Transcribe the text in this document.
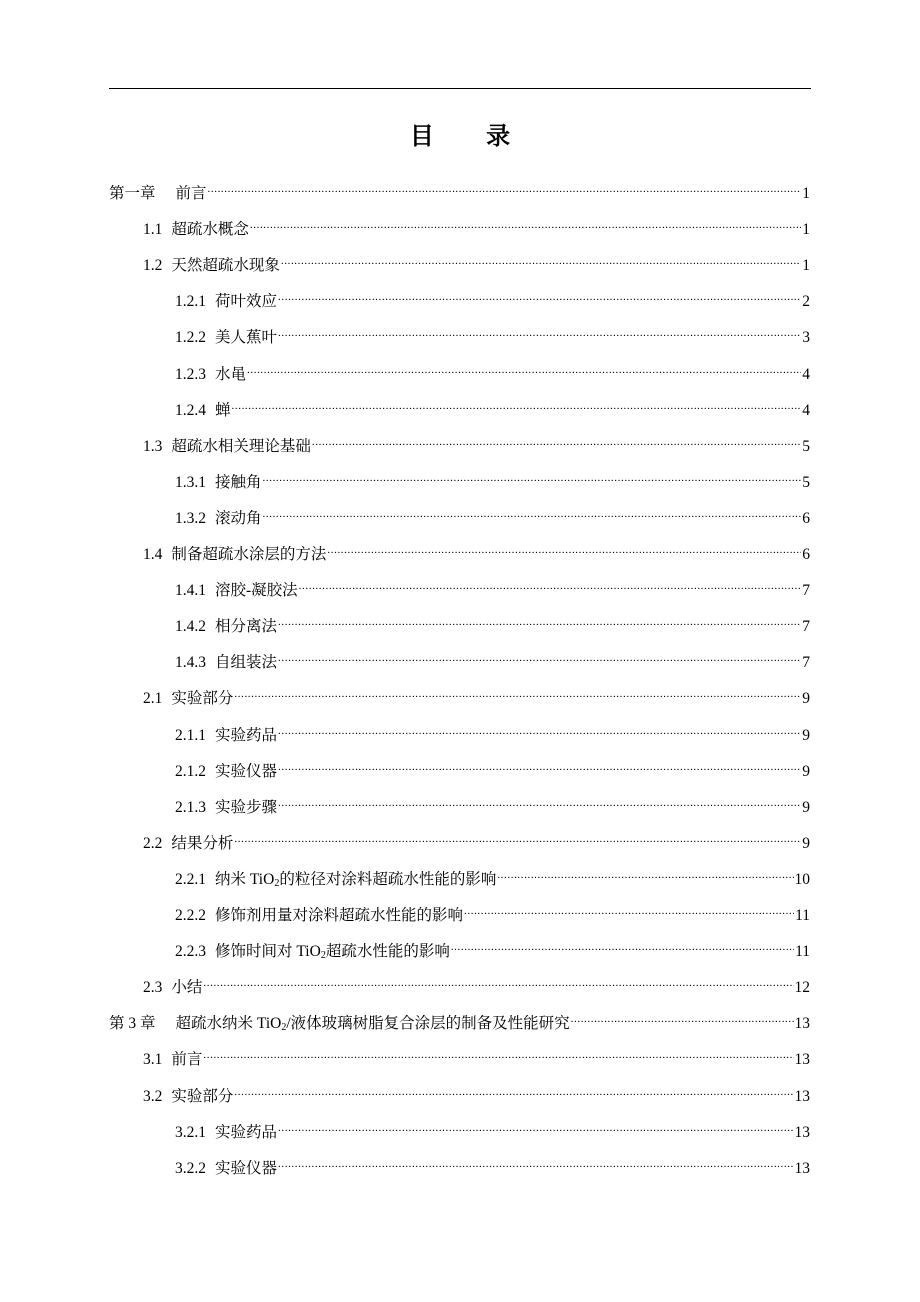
目 录
第一章 前言 .....	1
1.1 超疏水概念 .....	1
1.2 天然超疏水现象 .....	1
1.2.1 荷叶效应 .....	2
1.2.2 美人蕉叶 .....	3
1.2.3 水黾 .....	4
1.2.4 蝉 .....	4
1.3 超疏水相关理论基础 .....	5
1.3.1 接触角 .....	5
1.3.2 滚动角 .....	6
1.4 制备超疏水涂层的方法 .....	6
1.4.1 溶胶-凝胶法 .....	7
1.4.2 相分离法 .....	7
1.4.3 自组装法 .....	7
2.1 实验部分 .....	9
2.1.1 实验药品 .....	9
2.1.2 实验仪器 .....	9
2.1.3 实验步骤 .....	9
2.2 结果分析 .....	9
2.2.1 纳米 TiO$_2$的粒径对涂料超疏水性能的影响 .....	10
2.2.2 修饰剂用量对涂料超疏水性能的影响 .....	11
2.2.3 修饰时间对 TiO$_2$超疏水性能的影响 .....	11
2.3 小结 .....	12
第 3 章 超疏水纳米 TiO$_2$/液体玻璃树脂复合涂层的制备及性能研究 .....	13
3.1 前言 .....	13
3.2 实验部分 .....	13
3.2.1 实验药品 .....	13
3.2.2 实验仪器 .....	13
